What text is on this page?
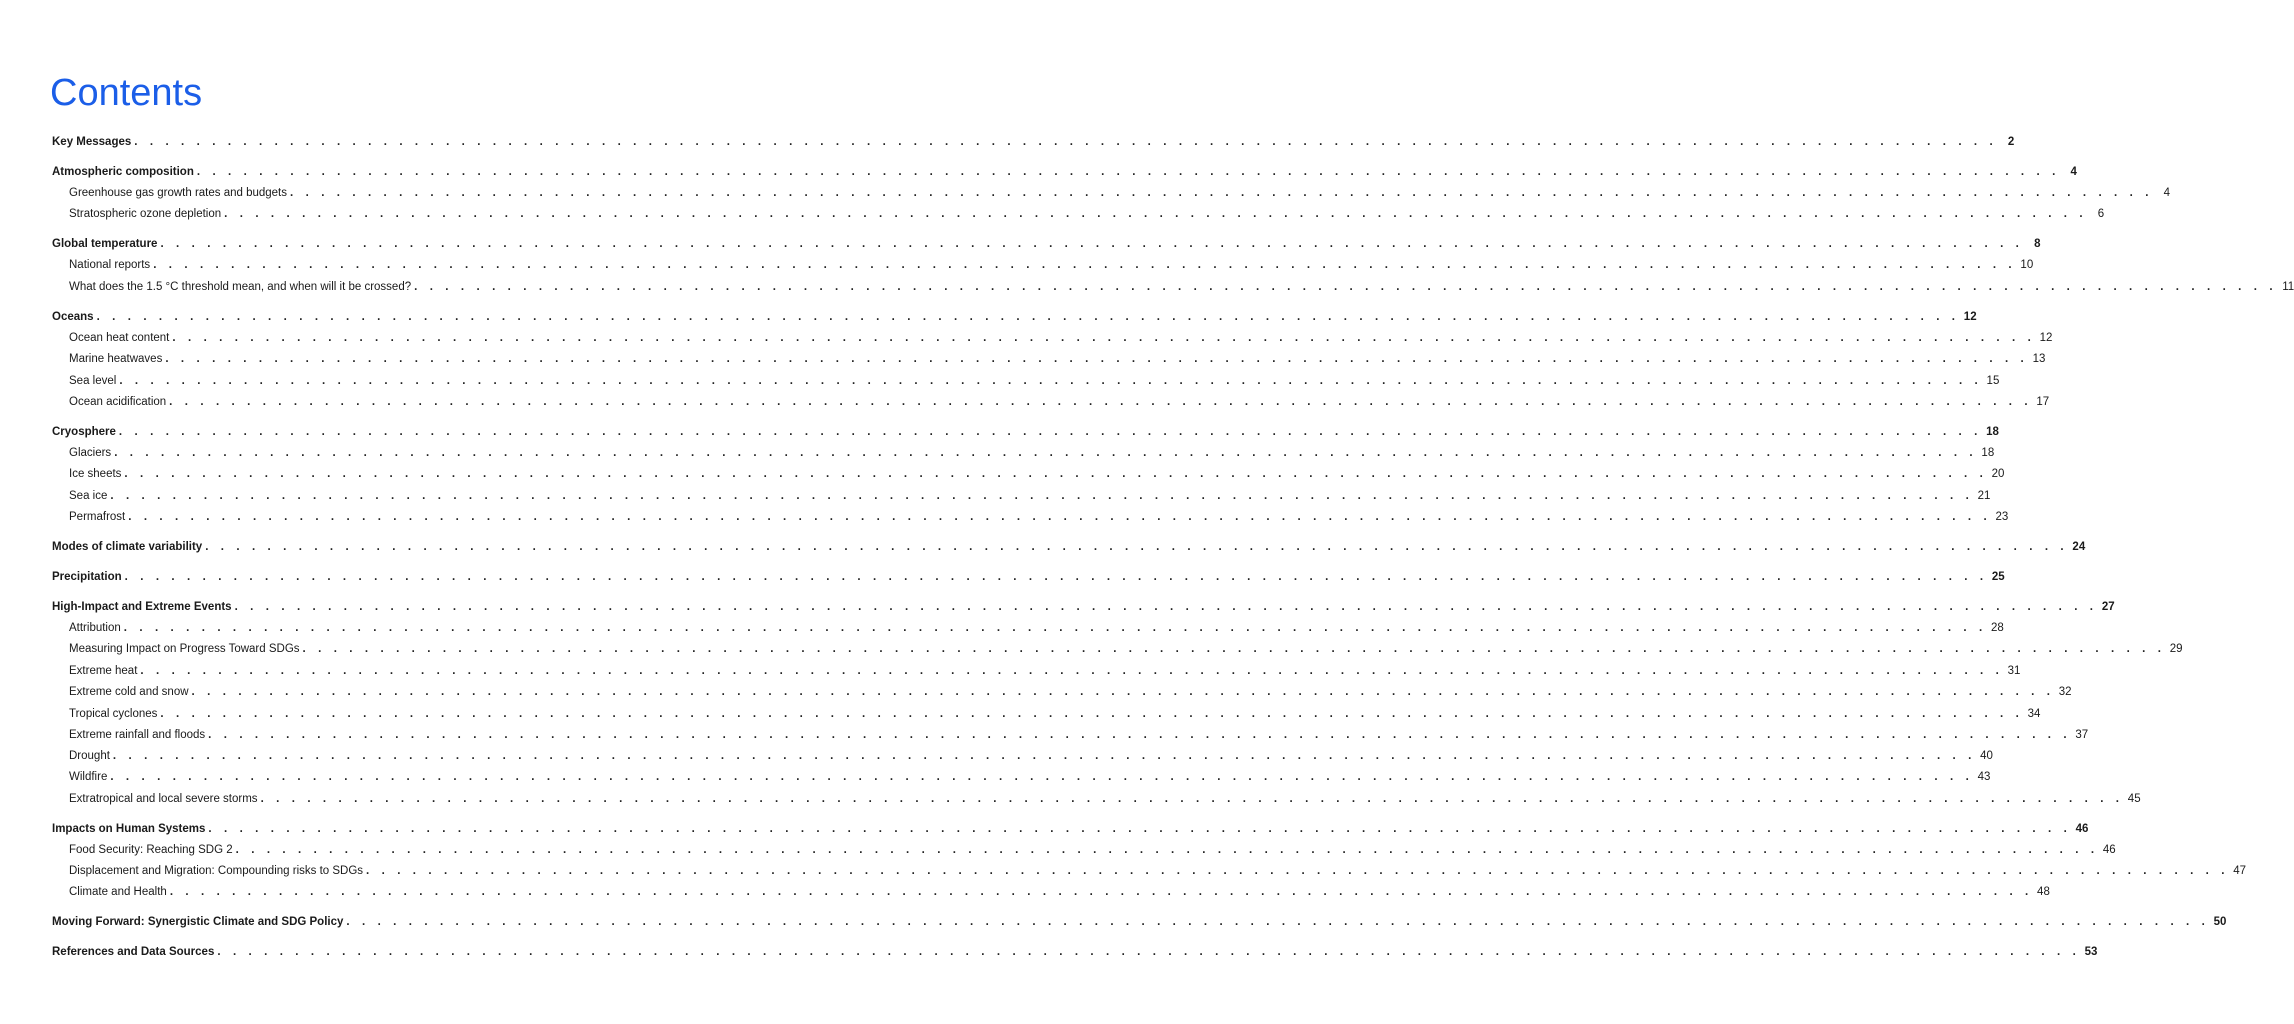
Contents
Key Messages . . . . . . . . . . . . . . . . . . . . . . . . . . . . . . . . . . . . . . . . . . . . . . . . . . . . . . . . . . . . . . . . . . . . . . . . . . . . . . . . . . . . . . . . . . . . . . . . . . . . . . . . . . . . . . . . . . . . . . . . 2
Atmospheric composition . . . . . . . . . . . . . . . . . . . . . . . . . . . . . . . . . . . . . . . . . . . . . . . . . . . . . . . . . . . . . . . . . . . . . . . . . . . . . . . . . . . . . . . . . . . . . . . . . . . . . . . . . . . . . . . . . . . . . . . . 4
Greenhouse gas growth rates and budgets . . . . . . . . . . . . . . . . . . . . . . . . . . . . . . . . . . . . . . . . . . . . . . . . . . . . . . . . . . . . . . . . . . . . . . . . . . . . . . . . . . . . . . . . . . . . . . . . . . . . . . . . . . . . . . . . . . . . . . . . 4
Stratospheric ozone depletion . . . . . . . . . . . . . . . . . . . . . . . . . . . . . . . . . . . . . . . . . . . . . . . . . . . . . . . . . . . . . . . . . . . . . . . . . . . . . . . . . . . . . . . . . . . . . . . . . . . . . . . . . . . . . . . . . . . . . . . . 6
Global temperature . . . . . . . . . . . . . . . . . . . . . . . . . . . . . . . . . . . . . . . . . . . . . . . . . . . . . . . . . . . . . . . . . . . . . . . . . . . . . . . . . . . . . . . . . . . . . . . . . . . . . . . . . . . . . . . . . . . . . . . . 8
National reports . . . . . . . . . . . . . . . . . . . . . . . . . . . . . . . . . . . . . . . . . . . . . . . . . . . . . . . . . . . . . . . . . . . . . . . . . . . . . . . . . . . . . . . . . . . . . . . . . . . . . . . . . . . . . . . . . . . . . . . . 10
What does the 1.5 °C threshold mean, and when will it be crossed? . . . . . . . . . . . . . . . . . . . . . . . . . . . . . . . . . . . . . . . . . . . . . . . . . . . . . . . . . . . . . . . . . . . . . . . . . . . . . . . . . . . . . . . . . . . . . . . . . . . . . . . . . . . . . . . . . . . . . . . . 11
Oceans . . . . . . . . . . . . . . . . . . . . . . . . . . . . . . . . . . . . . . . . . . . . . . . . . . . . . . . . . . . . . . . . . . . . . . . . . . . . . . . . . . . . . . . . . . . . . . . . . . . . . . . . . . . . . . . . . . . . . . . . 12
Ocean heat content . . . . . . . . . . . . . . . . . . . . . . . . . . . . . . . . . . . . . . . . . . . . . . . . . . . . . . . . . . . . . . . . . . . . . . . . . . . . . . . . . . . . . . . . . . . . . . . . . . . . . . . . . . . . . . . . . . . . . . . . 12
Marine heatwaves . . . . . . . . . . . . . . . . . . . . . . . . . . . . . . . . . . . . . . . . . . . . . . . . . . . . . . . . . . . . . . . . . . . . . . . . . . . . . . . . . . . . . . . . . . . . . . . . . . . . . . . . . . . . . . . . . . . . . . . . 13
Sea level . . . . . . . . . . . . . . . . . . . . . . . . . . . . . . . . . . . . . . . . . . . . . . . . . . . . . . . . . . . . . . . . . . . . . . . . . . . . . . . . . . . . . . . . . . . . . . . . . . . . . . . . . . . . . . . . . . . . . . . . 15
Ocean acidification . . . . . . . . . . . . . . . . . . . . . . . . . . . . . . . . . . . . . . . . . . . . . . . . . . . . . . . . . . . . . . . . . . . . . . . . . . . . . . . . . . . . . . . . . . . . . . . . . . . . . . . . . . . . . . . . . . . . . . . . 17
Cryosphere . . . . . . . . . . . . . . . . . . . . . . . . . . . . . . . . . . . . . . . . . . . . . . . . . . . . . . . . . . . . . . . . . . . . . . . . . . . . . . . . . . . . . . . . . . . . . . . . . . . . . . . . . . . . . . . . . . . . . . . . 18
Glaciers . . . . . . . . . . . . . . . . . . . . . . . . . . . . . . . . . . . . . . . . . . . . . . . . . . . . . . . . . . . . . . . . . . . . . . . . . . . . . . . . . . . . . . . . . . . . . . . . . . . . . . . . . . . . . . . . . . . . . . . . 18
Ice sheets . . . . . . . . . . . . . . . . . . . . . . . . . . . . . . . . . . . . . . . . . . . . . . . . . . . . . . . . . . . . . . . . . . . . . . . . . . . . . . . . . . . . . . . . . . . . . . . . . . . . . . . . . . . . . . . . . . . . . . . . 20
Sea ice . . . . . . . . . . . . . . . . . . . . . . . . . . . . . . . . . . . . . . . . . . . . . . . . . . . . . . . . . . . . . . . . . . . . . . . . . . . . . . . . . . . . . . . . . . . . . . . . . . . . . . . . . . . . . . . . . . . . . . . . 21
Permafrost . . . . . . . . . . . . . . . . . . . . . . . . . . . . . . . . . . . . . . . . . . . . . . . . . . . . . . . . . . . . . . . . . . . . . . . . . . . . . . . . . . . . . . . . . . . . . . . . . . . . . . . . . . . . . . . . . . . . . . . . 23
Modes of climate variability . . . . . . . . . . . . . . . . . . . . . . . . . . . . . . . . . . . . . . . . . . . . . . . . . . . . . . . . . . . . . . . . . . . . . . . . . . . . . . . . . . . . . . . . . . . . . . . . . . . . . . . . . . . . . . . . . . . . . . . . 24
Precipitation . . . . . . . . . . . . . . . . . . . . . . . . . . . . . . . . . . . . . . . . . . . . . . . . . . . . . . . . . . . . . . . . . . . . . . . . . . . . . . . . . . . . . . . . . . . . . . . . . . . . . . . . . . . . . . . . . . . . . . . . 25
High-Impact and Extreme Events . . . . . . . . . . . . . . . . . . . . . . . . . . . . . . . . . . . . . . . . . . . . . . . . . . . . . . . . . . . . . . . . . . . . . . . . . . . . . . . . . . . . . . . . . . . . . . . . . . . . . . . . . . . . . . . . . . . . . . . . 27
Attribution . . . . . . . . . . . . . . . . . . . . . . . . . . . . . . . . . . . . . . . . . . . . . . . . . . . . . . . . . . . . . . . . . . . . . . . . . . . . . . . . . . . . . . . . . . . . . . . . . . . . . . . . . . . . . . . . . . . . . . . . 28
Measuring Impact on Progress Toward SDGs . . . . . . . . . . . . . . . . . . . . . . . . . . . . . . . . . . . . . . . . . . . . . . . . . . . . . . . . . . . . . . . . . . . . . . . . . . . . . . . . . . . . . . . . . . . . . . . . . . . . . . . . . . . . . . . . . . . . . . . . 29
Extreme heat . . . . . . . . . . . . . . . . . . . . . . . . . . . . . . . . . . . . . . . . . . . . . . . . . . . . . . . . . . . . . . . . . . . . . . . . . . . . . . . . . . . . . . . . . . . . . . . . . . . . . . . . . . . . . . . . . . . . . . . . 31
Extreme cold and snow . . . . . . . . . . . . . . . . . . . . . . . . . . . . . . . . . . . . . . . . . . . . . . . . . . . . . . . . . . . . . . . . . . . . . . . . . . . . . . . . . . . . . . . . . . . . . . . . . . . . . . . . . . . . . . . . . . . . . . . . 32
Tropical cyclones . . . . . . . . . . . . . . . . . . . . . . . . . . . . . . . . . . . . . . . . . . . . . . . . . . . . . . . . . . . . . . . . . . . . . . . . . . . . . . . . . . . . . . . . . . . . . . . . . . . . . . . . . . . . . . . . . . . . . . . . 34
Extreme rainfall and floods . . . . . . . . . . . . . . . . . . . . . . . . . . . . . . . . . . . . . . . . . . . . . . . . . . . . . . . . . . . . . . . . . . . . . . . . . . . . . . . . . . . . . . . . . . . . . . . . . . . . . . . . . . . . . . . . . . . . . . . . 37
Drought . . . . . . . . . . . . . . . . . . . . . . . . . . . . . . . . . . . . . . . . . . . . . . . . . . . . . . . . . . . . . . . . . . . . . . . . . . . . . . . . . . . . . . . . . . . . . . . . . . . . . . . . . . . . . . . . . . . . . . . . 40
Wildfire . . . . . . . . . . . . . . . . . . . . . . . . . . . . . . . . . . . . . . . . . . . . . . . . . . . . . . . . . . . . . . . . . . . . . . . . . . . . . . . . . . . . . . . . . . . . . . . . . . . . . . . . . . . . . . . . . . . . . . . . 43
Extratropical and local severe storms . . . . . . . . . . . . . . . . . . . . . . . . . . . . . . . . . . . . . . . . . . . . . . . . . . . . . . . . . . . . . . . . . . . . . . . . . . . . . . . . . . . . . . . . . . . . . . . . . . . . . . . . . . . . . . . . . . . . . . . . 45
Impacts on Human Systems . . . . . . . . . . . . . . . . . . . . . . . . . . . . . . . . . . . . . . . . . . . . . . . . . . . . . . . . . . . . . . . . . . . . . . . . . . . . . . . . . . . . . . . . . . . . . . . . . . . . . . . . . . . . . . . . . . . . . . . . 46
Food Security: Reaching SDG 2 . . . . . . . . . . . . . . . . . . . . . . . . . . . . . . . . . . . . . . . . . . . . . . . . . . . . . . . . . . . . . . . . . . . . . . . . . . . . . . . . . . . . . . . . . . . . . . . . . . . . . . . . . . . . . . . . . . . . . . . . 46
Displacement and Migration: Compounding risks to SDGs . . . . . . . . . . . . . . . . . . . . . . . . . . . . . . . . . . . . . . . . . . . . . . . . . . . . . . . . . . . . . . . . . . . . . . . . . . . . . . . . . . . . . . . . . . . . . . . . . . . . . . . . . . . . . . . . . . . . . . . . 47
Climate and Health . . . . . . . . . . . . . . . . . . . . . . . . . . . . . . . . . . . . . . . . . . . . . . . . . . . . . . . . . . . . . . . . . . . . . . . . . . . . . . . . . . . . . . . . . . . . . . . . . . . . . . . . . . . . . . . . . . . . . . . . 48
Moving Forward: Synergistic Climate and SDG Policy . . . . . . . . . . . . . . . . . . . . . . . . . . . . . . . . . . . . . . . . . . . . . . . . . . . . . . . . . . . . . . . . . . . . . . . . . . . . . . . . . . . . . . . . . . . . . . . . . . . . . . . . . . . . . . . . . . . . . . . . 50
References and Data Sources . . . . . . . . . . . . . . . . . . . . . . . . . . . . . . . . . . . . . . . . . . . . . . . . . . . . . . . . . . . . . . . . . . . . . . . . . . . . . . . . . . . . . . . . . . . . . . . . . . . . . . . . . . . . . . . . . . . . . . . . 53
